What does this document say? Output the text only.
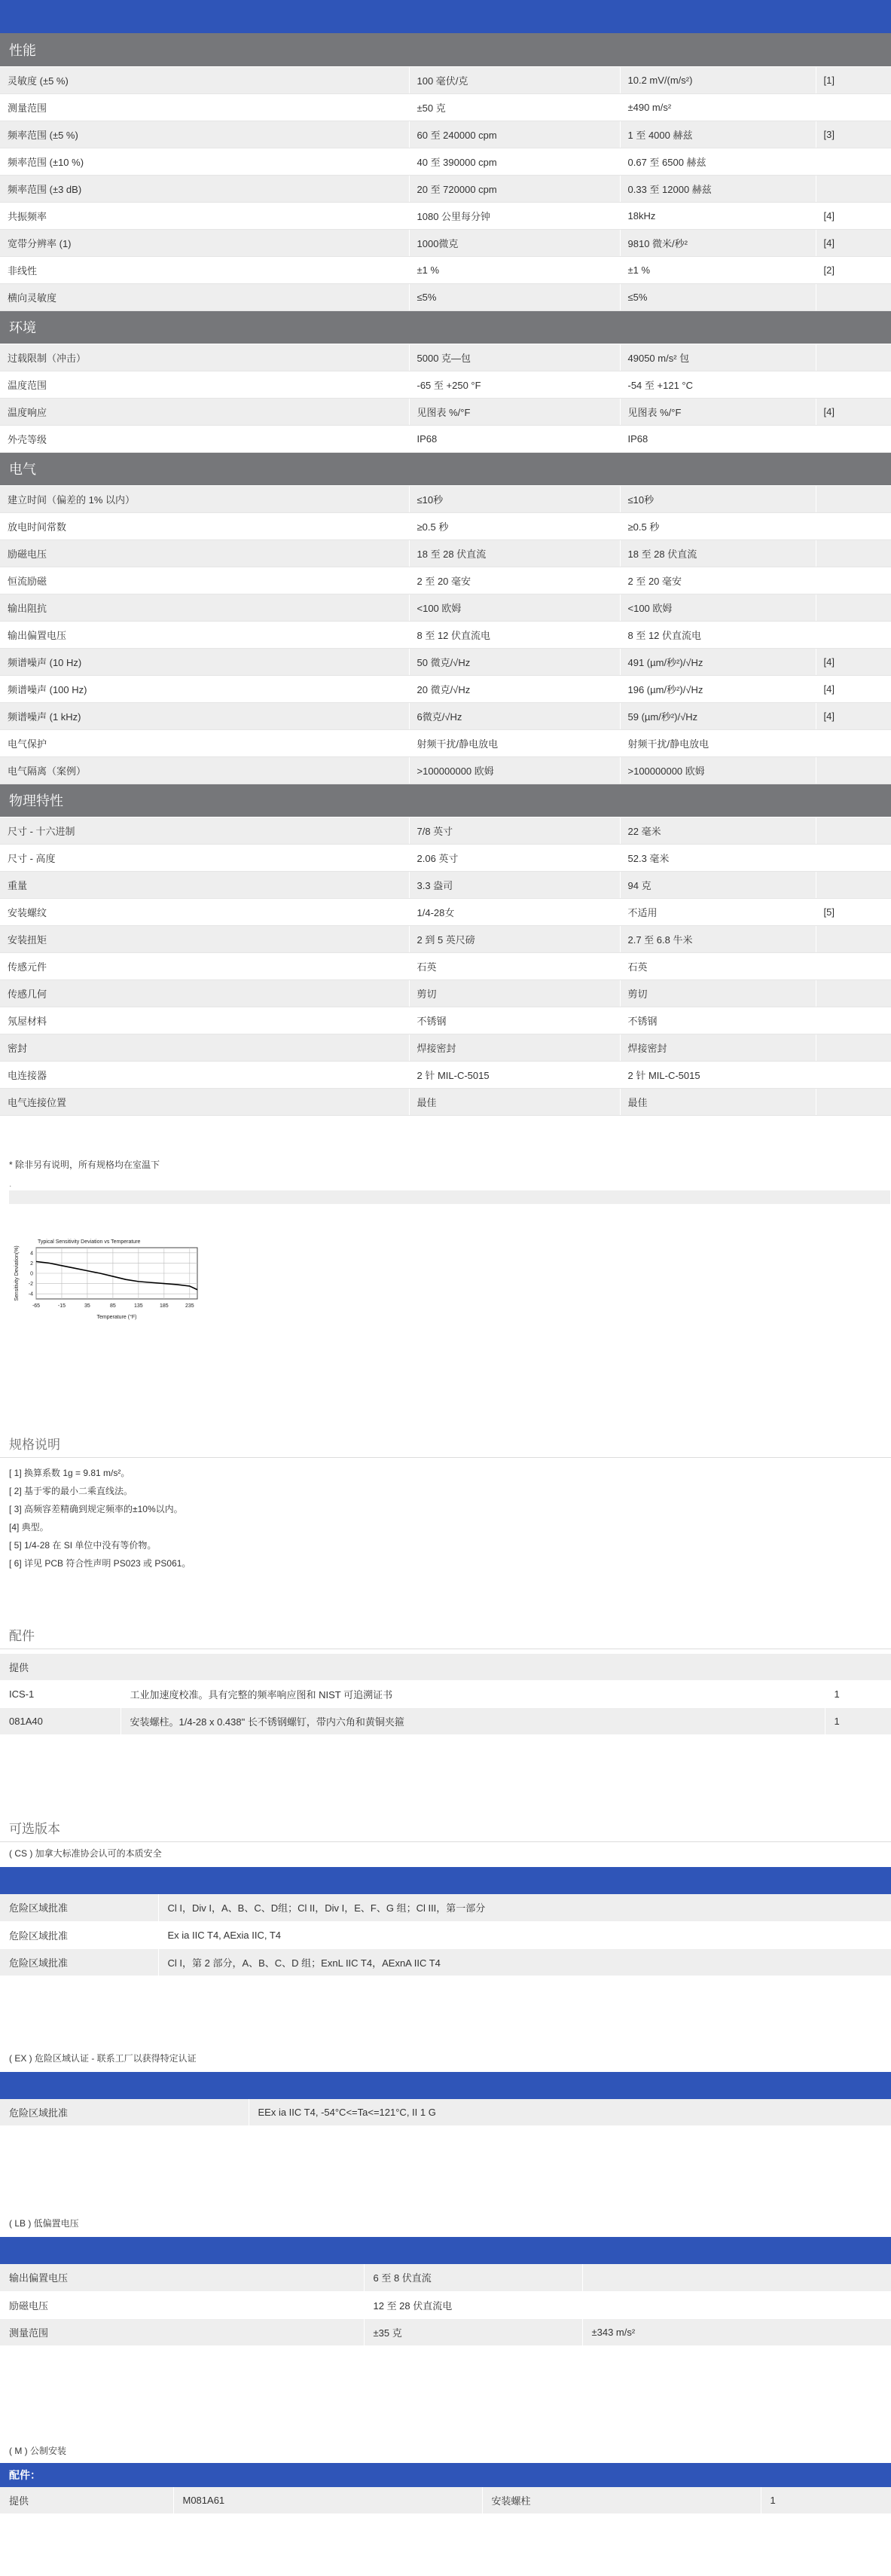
性能			
灵敏度 (±5 %)	100 毫伏/克	10.2 mV/(m/s²)	[1]
测量范围	±50 克	±490 m/s²	
频率范围 (±5 %)	60 至 240000 cpm	1 至 4000 赫兹	[3]
频率范围 (±10 %)	40 至 390000 cpm	0.67 至 6500 赫兹	
频率范围 (±3 dB)	20 至 720000 cpm	0.33 至 12000 赫兹	
共振频率	1080 公里每分钟	18kHz	[4]
宽带分辨率 (1)	1000微克	9810 微米/秒²	[4]
非线性	±1 %	±1 %	[2]
横向灵敏度	≤5%	≤5%	
环境			
过载限制（冲击）	5000 克—包	49050 m/s² 包	
温度范围	-65 至 +250 °F	-54 至 +121 °C	
温度响应	见图表 %/°F	见图表 %/°F	[4]
外壳等级	IP68	IP68	
电气			
建立时间（偏差的 1% 以内）	≤10秒	≤10秒	
放电时间常数	≥0.5 秒	≥0.5 秒	
励磁电压	18 至 28 伏直流	18 至 28 伏直流	
恒流励磁	2 至 20 毫安	2 至 20 毫安	
输出阻抗	<100 欧姆	<100 欧姆	
输出偏置电压	8 至 12 伏直流电	8 至 12 伏直流电	
频谱噪声 (10 Hz)	50 微克/√Hz	491 (µm/秒²)/√Hz	[4]
频谱噪声 (100 Hz)	20 微克/√Hz	196 (µm/秒²)/√Hz	[4]
频谱噪声 (1 kHz)	6微克/√Hz	59 (µm/秒²)/√Hz	[4]
电气保护	射频干扰/静电放电	射频干扰/静电放电	
电气隔离（案例）	>100000000 欧姆	>100000000 欧姆	
物理特性			
尺寸 - 十六进制	7/8 英寸	22 毫米	
尺寸 - 高度	2.06 英寸	52.3 毫米	
重量	3.3 盎司	94 克	
安装螺纹	1/4-28女	不适用	[5]
安装扭矩	2 到 5 英尺磅	2.7 至 6.8 牛米	
传感元件	石英	石英	
传感几何	剪切	剪切	
氖屋材料	不锈钢	不锈钢	
密封	焊接密封	焊接密封	
电连接器	2 针 MIL-C-5015	2 针 MIL-C-5015	
电气连接位置	最佳	最佳	
* 除非另有说明，所有规格均在室温下
.
-65	-15	35	85	135	185	235
4
2
0
-2
-4
Typical Sensitivity Deviation vs Temperature
Temperature (°F)
Sensitivity Deviation(%)
规格说明
[ 1] 换算系数 1g = 9.81 m/s²。
[ 2] 基于零的最小二乘直线法。
[ 3] 高频容差精确到规定频率的±10%以内。
[4] 典型。
[ 5] 1/4-28 在 SI 单位中没有等价物。
[ 6] 详见 PCB 符合性声明 PS023 或 PS061。
配件
提供		
ICS-1	工业加速度校准。具有完整的频率响应图和 NIST 可追溯证书	1
081A40	安装螺柱。1/4-28 x 0.438" 长不锈钢螺钉，带内六角和黄铜夹箍	1
可选版本
( CS ) 加拿大标准协会认可的本质安全
危险区域批准	Cl I，Div I，A、B、C、D组；Cl II，Div I，E、F、G 组；Cl III，第一部分
危险区域批准	Ex ia IIC T4, AExia IIC, T4
危险区域批准	Cl I，第 2 部分，A、B、C、D 组；ExnL IIC T4，AExnA IIC T4
( EX ) 危险区域认证 - 联系工厂以获得特定认证
危险区域批准	EEx ia IIC T4, -54°C<=Ta<=121°C, II 1 G
( LB ) 低偏置电压
输出偏置电压	6 至 8 伏直流	
励磁电压	12 至 28 伏直流电	
测量范围	±35 克	±343 m/s²
( M ) 公制安装
配件：
提供	M081A61	安装螺柱	1
